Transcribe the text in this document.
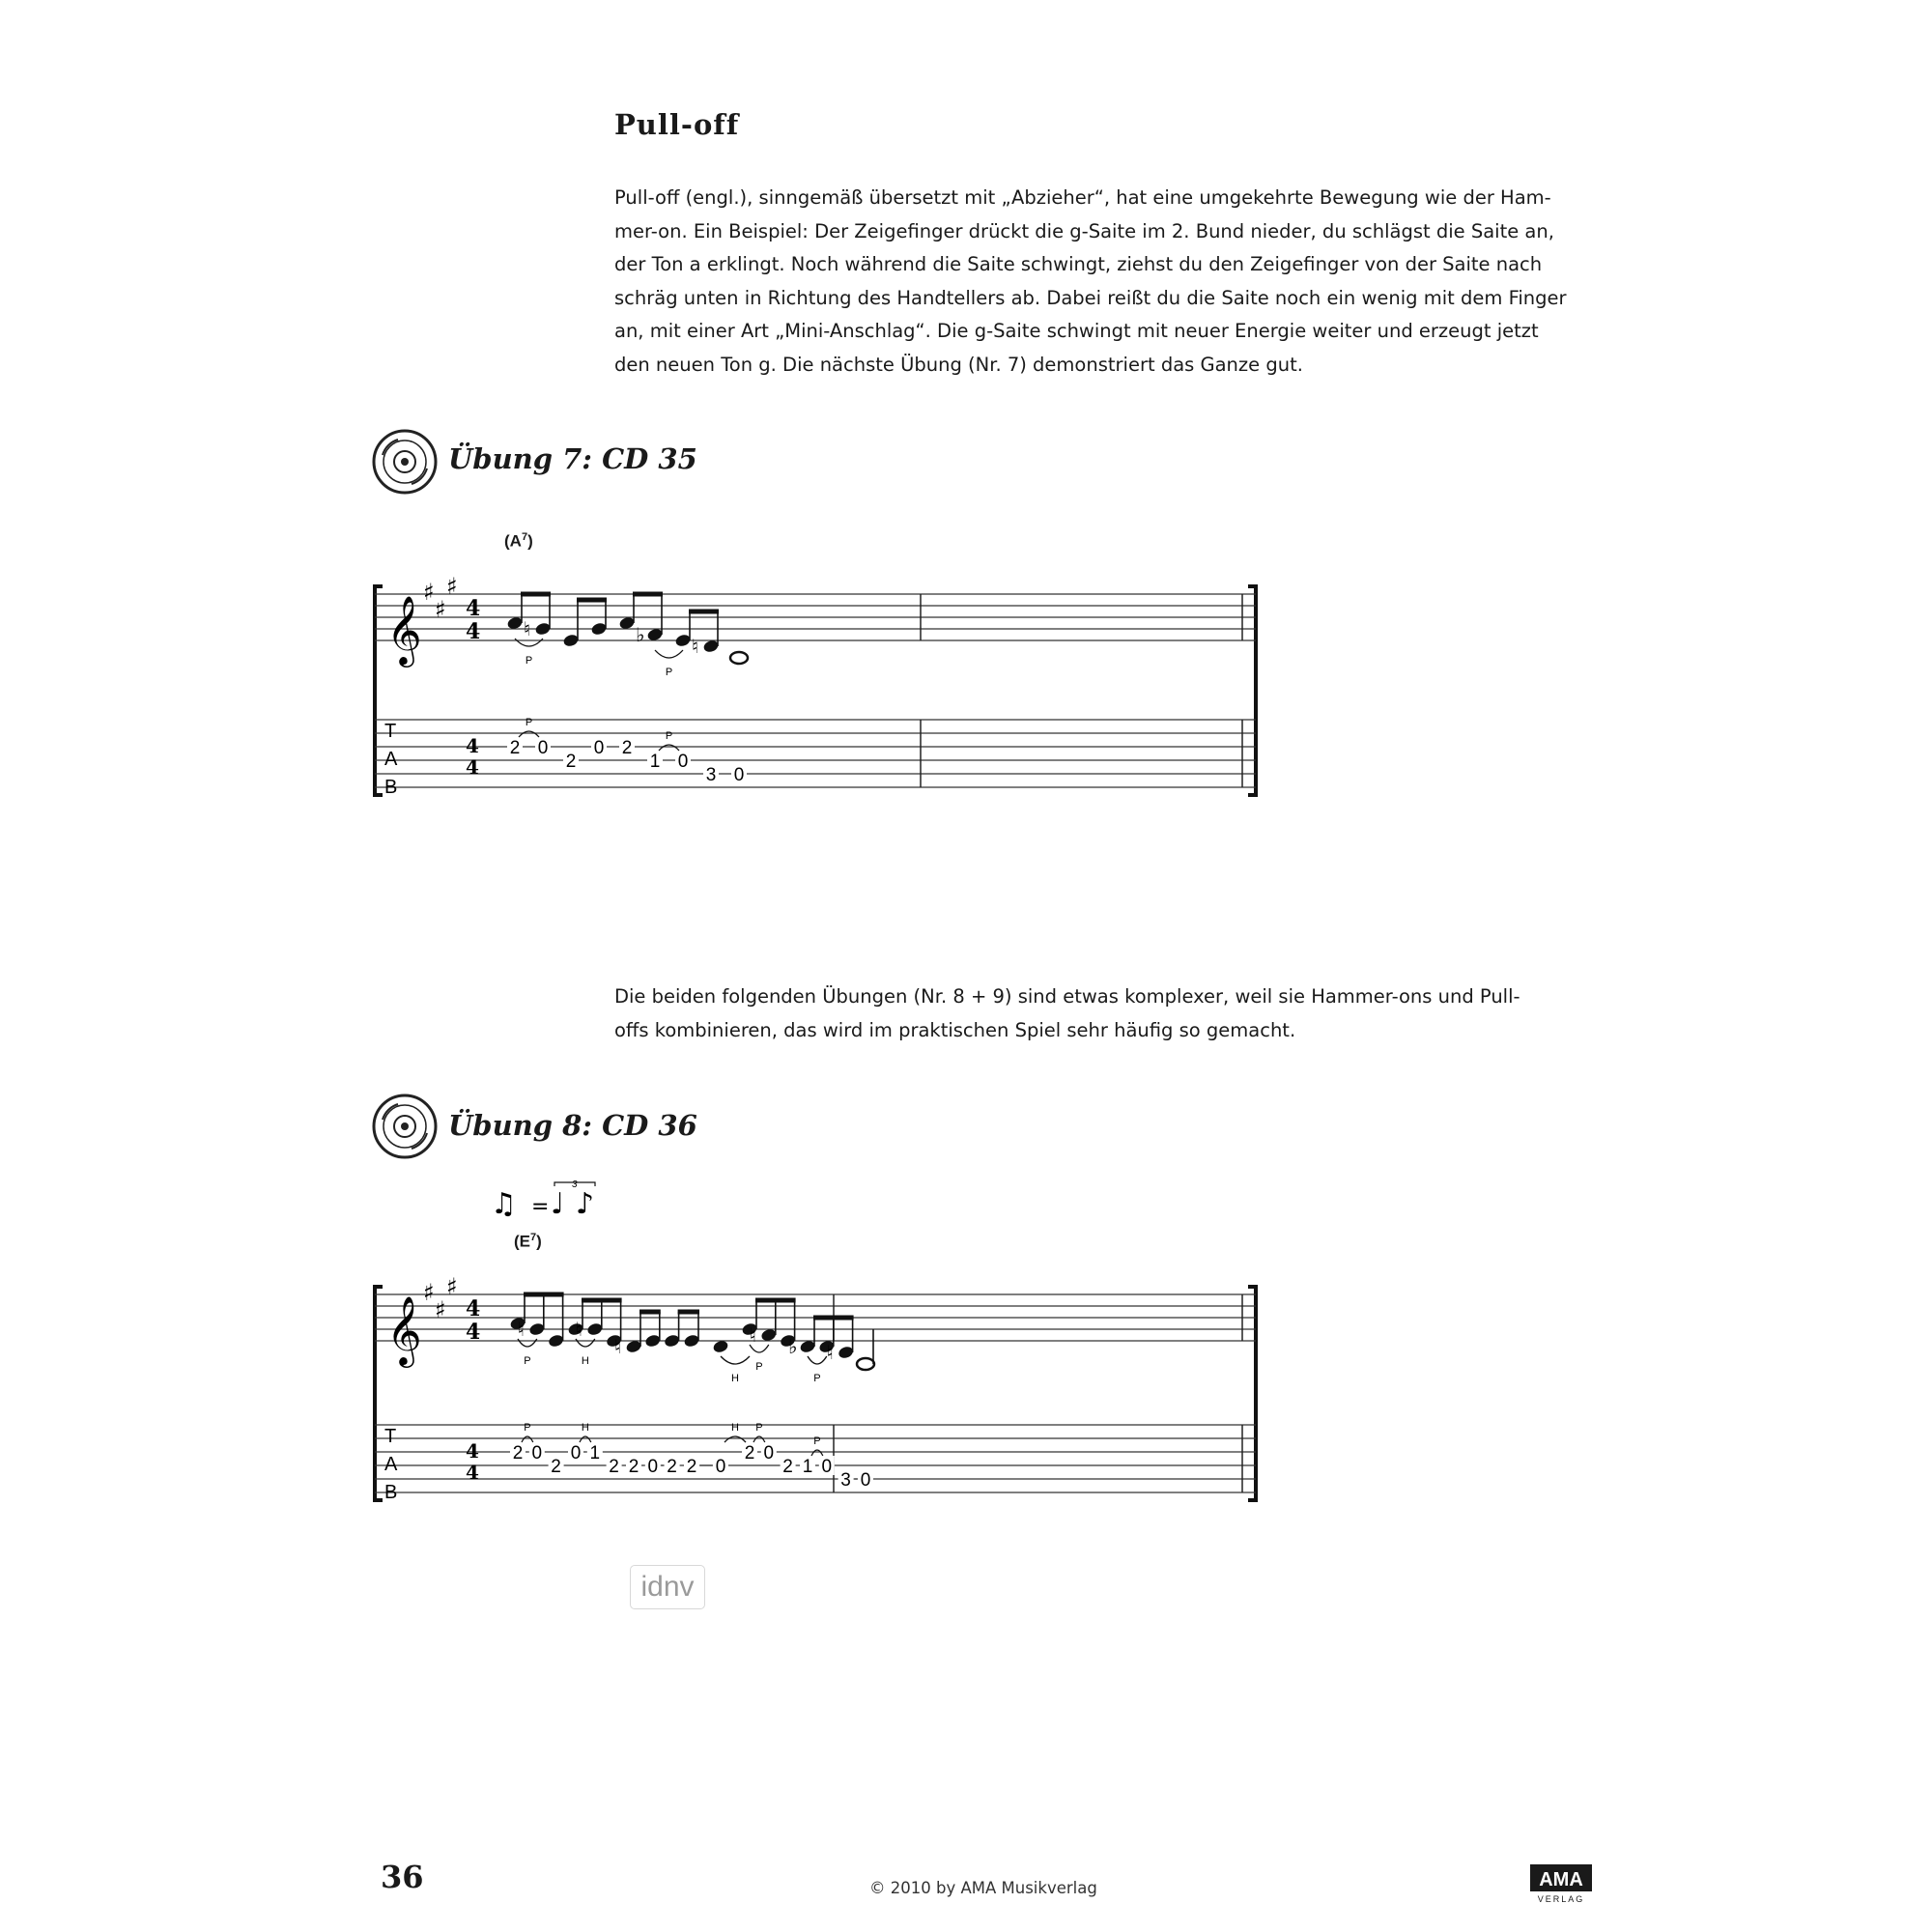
Pull-off
Pull-off (engl.), sinngemäß übersetzt mit „Abzieher“, hat eine umgekehrte Bewegung wie der Ham-
mer-on. Ein Beispiel: Der Zeigefinger drückt die g-Saite im 2. Bund nieder, du schlägst die Saite an,
der Ton a erklingt. Noch während die Saite schwingt, ziehst du den Zeigefinger von der Saite nach
schräg unten in Richtung des Handtellers ab. Dabei reißt du die Saite noch ein wenig mit dem Finger
an, mit einer Art „Mini-Anschlag“. Die g-Saite schwingt mit neuer Energie weiter und erzeugt jetzt
den neuen Ton g. Die nächste Übung (Nr. 7) demonstriert das Ganze gut.
Übung 7: CD 35
$(A^7)$
𝄞
♯
♯
♯
T
A
B
4
4
4
4
2
♮
0
2
0 2
♭
1 0
♮
3 0
P
P
P
P
Die beiden folgenden Übungen (Nr. 8 + 9) sind etwas komplexer, weil sie Hammer-ons und Pull-
offs kombinieren, das wird im praktischen Spiel sehr häufig so gemacht.
Übung 8: CD 36
♫ = ♩ ♪
3
$(E^7)$
𝄞
♯
♯
♯
T
A
B
4
4
4
4
2
♮
0
2
0
♮
1
2
♮
2 0 2 2 0
2
♮
0
2
♭
1 0
♮
3 0
P
P
H
H
H
H
P
P
P
P
idnv
36	© 2010 by AMA Musikverlag	AMA
VERLAG
